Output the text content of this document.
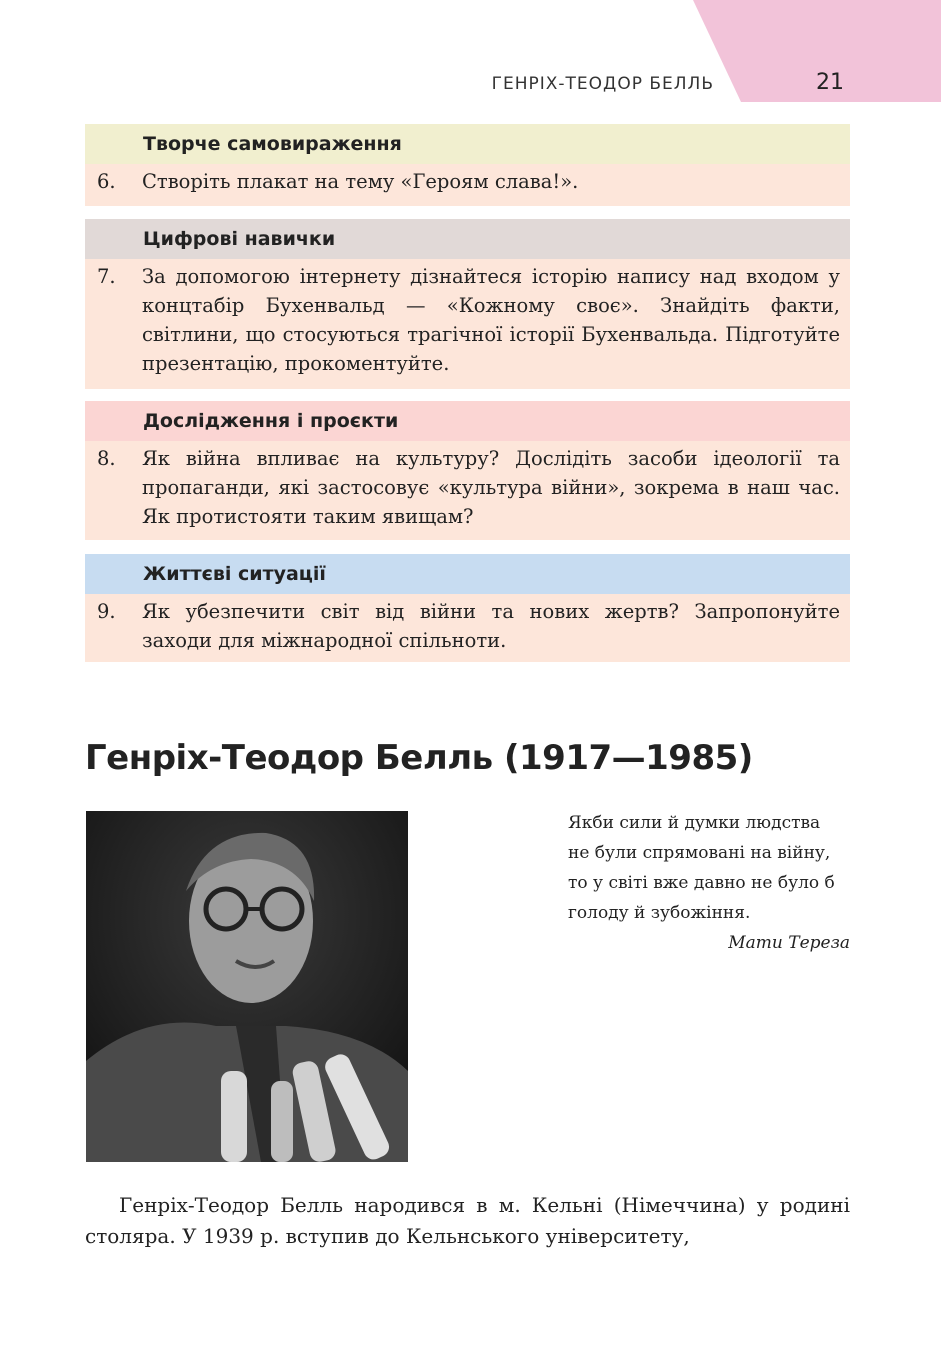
ГЕНРІХ-ТЕОДОР БЕЛЛЬ	21
Творче самовираження
6. Створіть плакат на тему «Героям слава!».
Цифрові навички
7. За допомогою інтернету дізнайтеся історію напису над входом у концтабір Бухенвальд — «Кожному своє». Знайдіть факти, світлини, що стосуються трагічної історії Бухенвальда. Підготуйте презентацію, прокоментуйте.
Дослідження і проєкти
8. Як війна впливає на культуру? Дослідіть засоби ідеології та пропаганди, які застосовує «культура війни», зокрема в наш час. Як протистояти таким явищам?
Життєві ситуації
9. Як убезпечити світ від війни та нових жертв? Запропонуйте заходи для міжнародної спільноти.
Генріх-Теодор Белль (1917—1985)
Якби сили й думки людства
не були спрямовані на війну,
то у світі вже давно не було б
голоду й зубожіння.
Мати Тереза

Генріх-Теодор Белль народився в м. Кельні (Німеччина) у родині столяра. У 1939 р. вступив до Кельнського університету,
